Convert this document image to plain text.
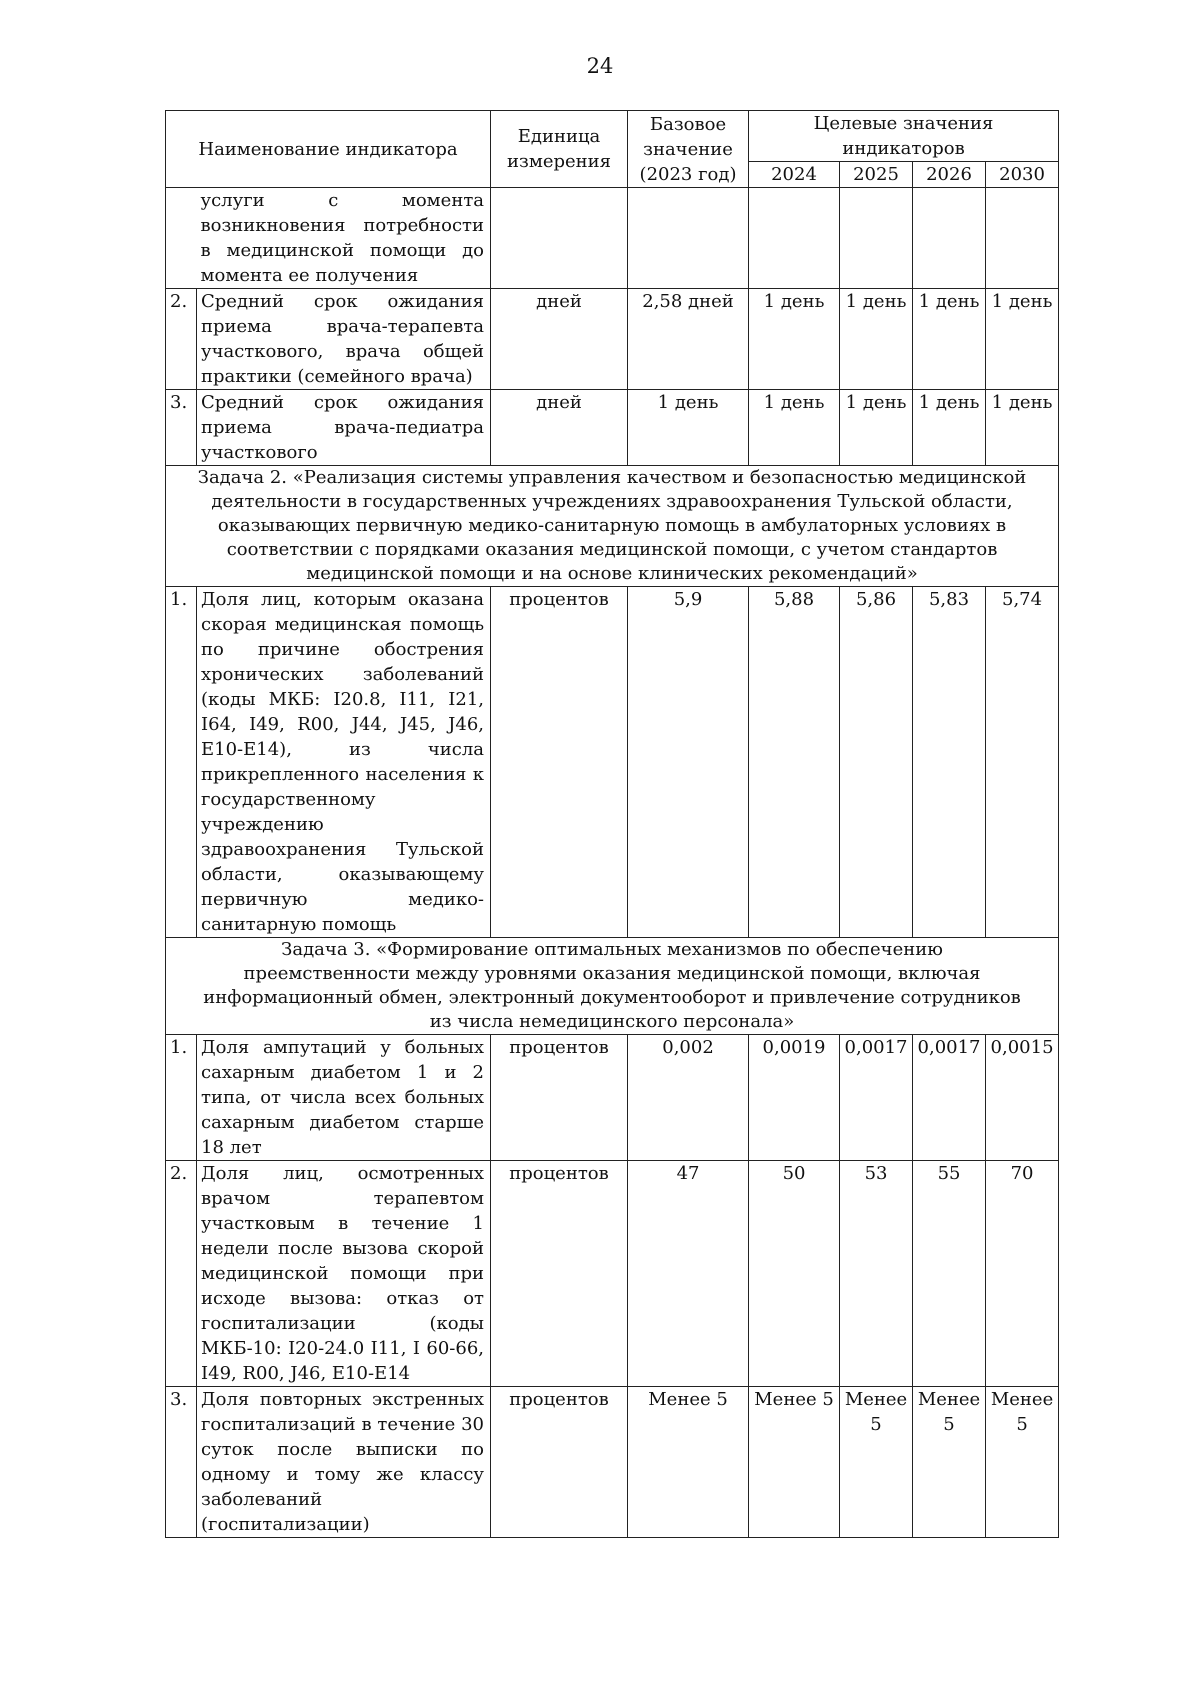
24
Наименование индикатора		Единица измерения	Базовое значение (2023 год)	Целевые значения индикаторов			
				2024	2025	2026	2030
	услуги с момента возникновения потребности в медицинской помощи до момента ее получения						
2.	Средний срок ожидания приема врача-терапевта участкового, врача общей практики (семейного врача)	дней	2,58 дней	1 день	1 день	1 день	1 день
3.	Средний срок ожидания приема врача-педиатра участкового	дней	1 день	1 день	1 день	1 день	1 день
Задача 2. «Реализация системы управления качеством и безопасностью медицинской деятельности в государственных учреждениях здравоохранения Тульской области, оказывающих первичную медико-санитарную помощь в амбулаторных условиях в соответствии с порядками оказания медицинской помощи, с учетом стандартов медицинской помощи и на основе клинических рекомендаций»							
1.	Доля лиц, которым оказана скорая медицинская помощь по причине обострения хронических заболеваний (коды МКБ: I20.8, I11, I21, I64, I49, R00, J44, J45, J46, E10-E14), из числа прикрепленного населения к государственному учреждению здравоохранения Тульской области, оказывающему первичную медико-санитарную помощь	процентов	5,9	5,88	5,86	5,83	5,74
Задача 3. «Формирование оптимальных механизмов по обеспечению преемственности между уровнями оказания медицинской помощи, включая информационный обмен, электронный документооборот и привлечение сотрудников из числа немедицинского персонала»							
1.	Доля ампутаций у больных сахарным диабетом 1 и 2 типа, от числа всех больных сахарным диабетом старше 18 лет	процентов	0,002	0,0019	0,0017	0,0017	0,0015
2.	Доля лиц, осмотренных врачом терапевтом участковым в течение 1 недели после вызова скорой медицинской помощи при исходе вызова: отказ от госпитализации (коды МКБ-10: I20-24.0 I11, I 60-66, I49, R00, J46, E10-E14	процентов	47	50	53	55	70
3.	Доля повторных экстренных госпитализаций в течение 30 суток после выписки по одному и тому же классу заболеваний (госпитализации)	процентов	Менее 5	Менее 5	Менее 5	Менее 5	Менее 5
